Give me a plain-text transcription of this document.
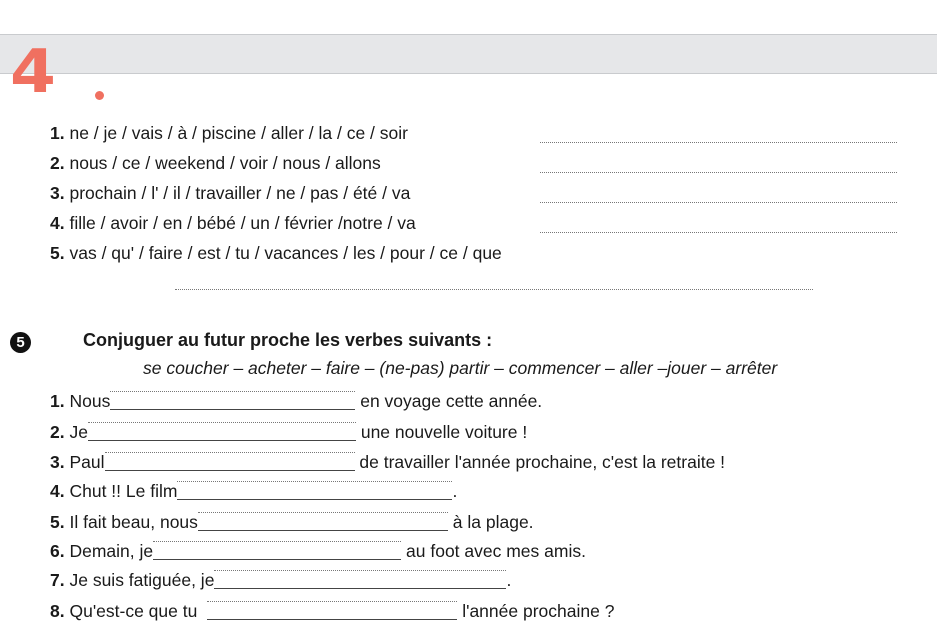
4
1. ne / je / vais / à / piscine / aller / la / ce / soir
2. nous / ce / weekend / voir / nous / allons
3. prochain / l' / il / travailler / ne / pas / été / va
4. fille / avoir / en / bébé / un / février /notre / va
5. vas / qu' / faire / est / tu / vacances / les / pour / ce / que
5	Conjuguer au futur proche les verbes suivants :
se coucher – acheter – faire – (ne-pas) partir – commencer – aller –jouer – arrêter
1. Nous	en voyage cette année.
2. Je	une nouvelle voiture !
3. Paul	de travailler l'année prochaine, c'est la retraite !
4. Chut !! Le film	.
5. Il fait beau, nous	à la plage.
6. Demain, je	au foot avec mes amis.
7. Je suis fatiguée, je	.
8. Qu'est-ce que tu	l'année prochaine ?
